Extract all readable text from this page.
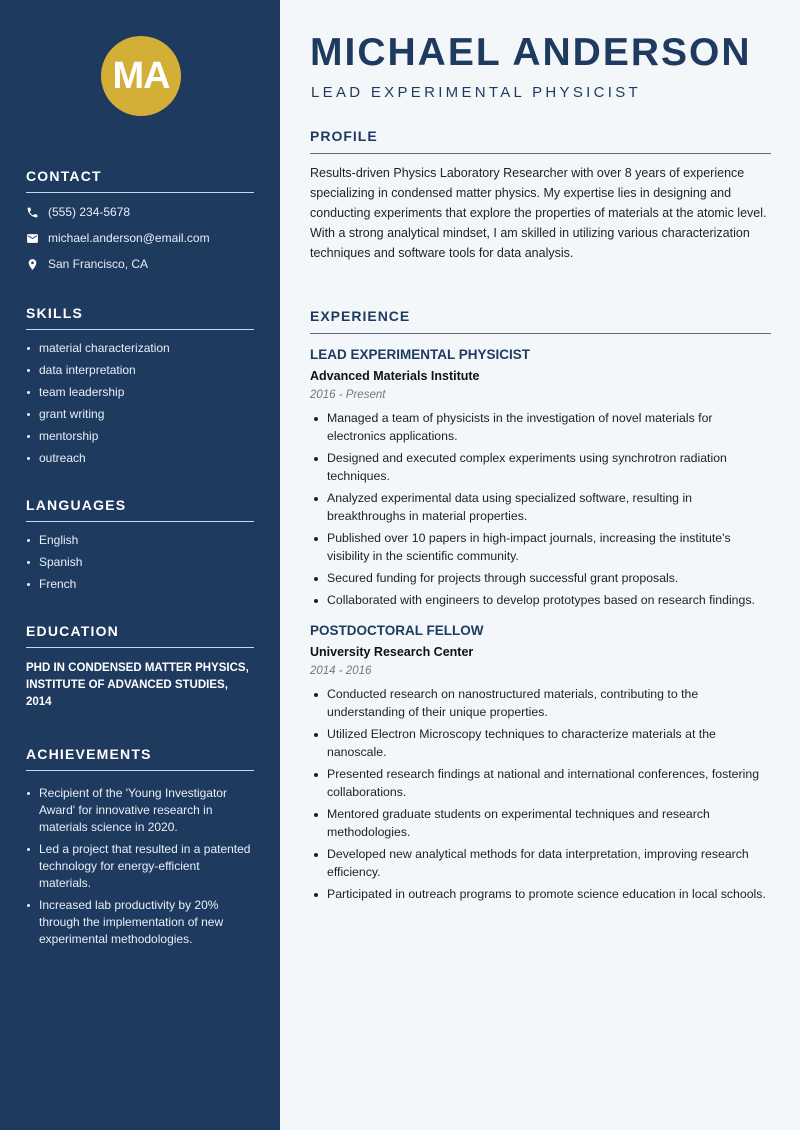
MA
CONTACT
(555) 234-5678
michael.anderson@email.com
San Francisco, CA
SKILLS
material characterization
data interpretation
team leadership
grant writing
mentorship
outreach
LANGUAGES
English
Spanish
French
EDUCATION
PHD IN CONDENSED MATTER PHYSICS,
INSTITUTE OF ADVANCED STUDIES,
2014
ACHIEVEMENTS
Recipient of the 'Young Investigator Award' for innovative research in materials science in 2020.
Led a project that resulted in a patented technology for energy-efficient materials.
Increased lab productivity by 20% through the implementation of new experimental methodologies.
MICHAEL ANDERSON
LEAD EXPERIMENTAL PHYSICIST
PROFILE

Results-driven Physics Laboratory Researcher with over 8 years of experience specializing in condensed matter physics. My expertise lies in designing and conducting experiments that explore the properties of materials at the atomic level. With a strong analytical mindset, I am skilled in utilizing various characterization techniques and software tools for data analysis.

EXPERIENCE
LEAD EXPERIMENTAL PHYSICIST
Advanced Materials Institute
2016 - Present
Managed a team of physicists in the investigation of novel materials for electronics applications.
Designed and executed complex experiments using synchrotron radiation techniques.
Analyzed experimental data using specialized software, resulting in breakthroughs in material properties.
Published over 10 papers in high-impact journals, increasing the institute's visibility in the scientific community.
Secured funding for projects through successful grant proposals.
Collaborated with engineers to develop prototypes based on research findings.
POSTDOCTORAL FELLOW
University Research Center
2014 - 2016
Conducted research on nanostructured materials, contributing to the understanding of their unique properties.
Utilized Electron Microscopy techniques to characterize materials at the nanoscale.
Presented research findings at national and international conferences, fostering collaborations.
Mentored graduate students on experimental techniques and research methodologies.
Developed new analytical methods for data interpretation, improving research efficiency.
Participated in outreach programs to promote science education in local schools.
